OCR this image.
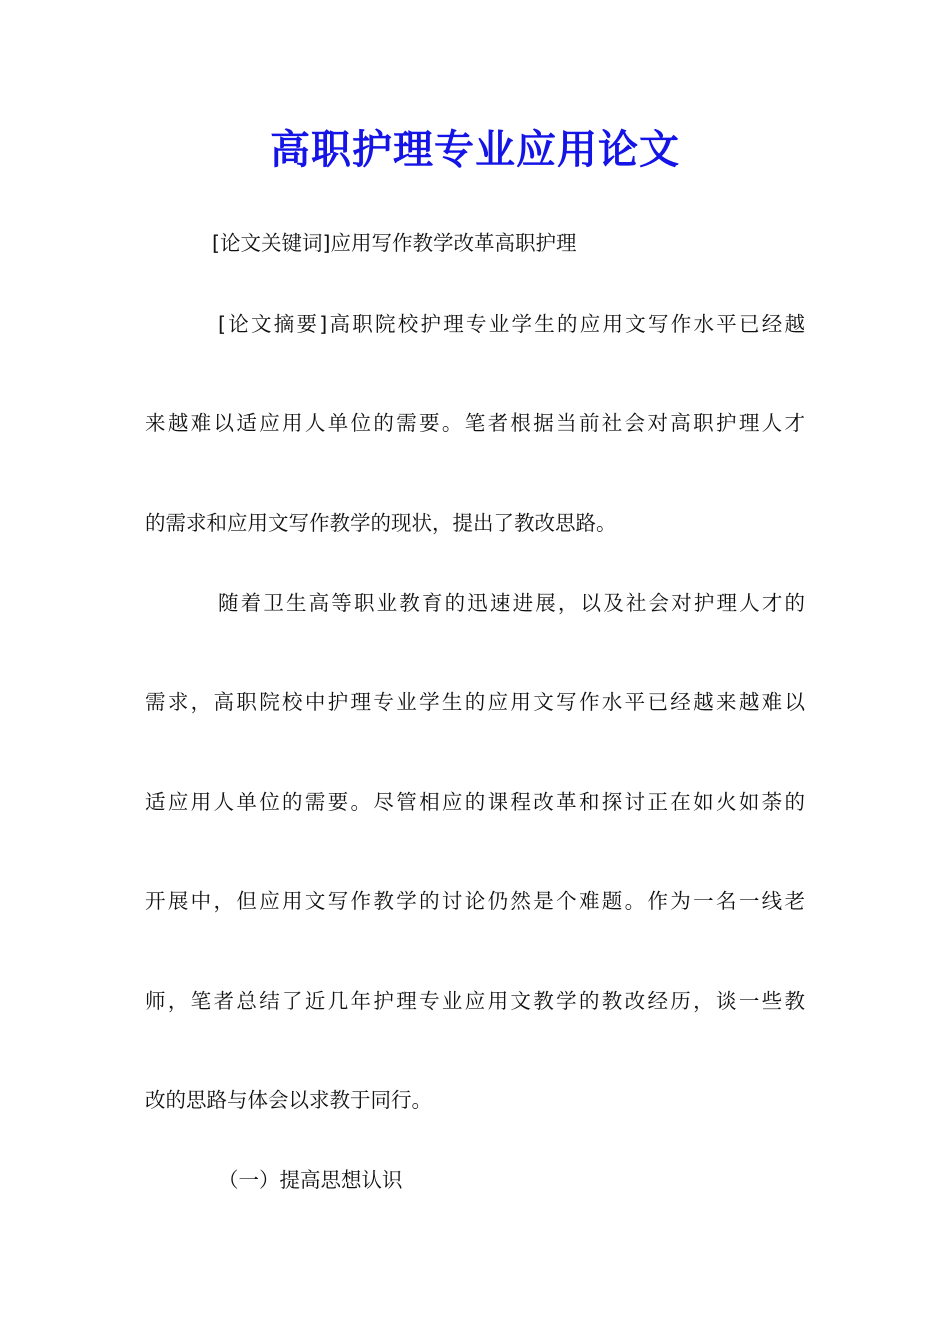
高职护理专业应用论文
[论文关键词]应用写作教学改革高职护理
[论文摘要]高职院校护理专业学生的应用文写作水平已经越
来越难以适应用人单位的需要。笔者根据当前社会对高职护理人才
的需求和应用文写作教学的现状，提出了教改思路。
随着卫生高等职业教育的迅速进展，以及社会对护理人才的
需求，高职院校中护理专业学生的应用文写作水平已经越来越难以
适应用人单位的需要。尽管相应的课程改革和探讨正在如火如荼的
开展中，但应用文写作教学的讨论仍然是个难题。作为一名一线老
师，笔者总结了近几年护理专业应用文教学的教改经历，谈一些教
改的思路与体会以求教于同行。
（一）提高思想认识
